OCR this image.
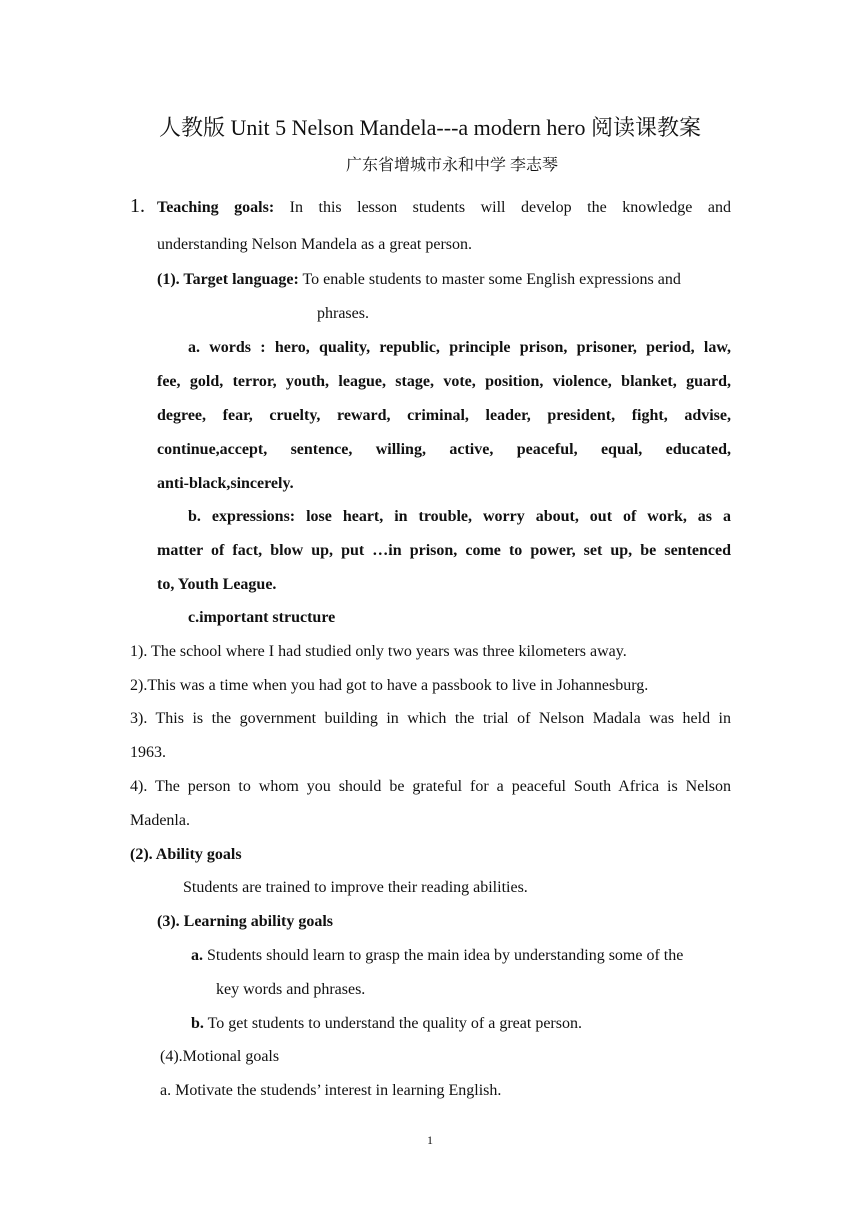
人教版 Unit 5 Nelson Mandela---a modern hero 阅读课教案
广东省增城市永和中学 李志琴
1. Teaching goals: In this lesson students will develop the knowledge and
understanding Nelson Mandela as a great person.
(1). Target language: To enable students to master some English expressions and
phrases.
a. words : hero, quality, republic, principle prison, prisoner, period, law,
fee, gold, terror, youth, league, stage, vote, position, violence, blanket, guard,
degree, fear, cruelty, reward, criminal, leader, president, fight, advise,
continue,accept, sentence, willing, active, peaceful, equal, educated,
anti-black,sincerely.
b. expressions: lose heart, in trouble, worry about, out of work, as a
matter of fact, blow up, put …in prison, come to power, set up, be sentenced
to, Youth League.
c.important structure
1). The school where I had studied only two years was three kilometers away.
2).This was a time when you had got to have a passbook to live in Johannesburg.
3). This is the government building in which the trial of Nelson Madala was held in
1963.
4). The person to whom you should be grateful for a peaceful South Africa is Nelson
Madenla.
(2). Ability goals
Students are trained to improve their reading abilities.
(3). Learning ability goals
a. Students should learn to grasp the main idea by understanding some of the
key words and phrases.
b. To get students to understand the quality of a great person.
(4).Motional goals
a. Motivate the studends’ interest in learning English.
1
